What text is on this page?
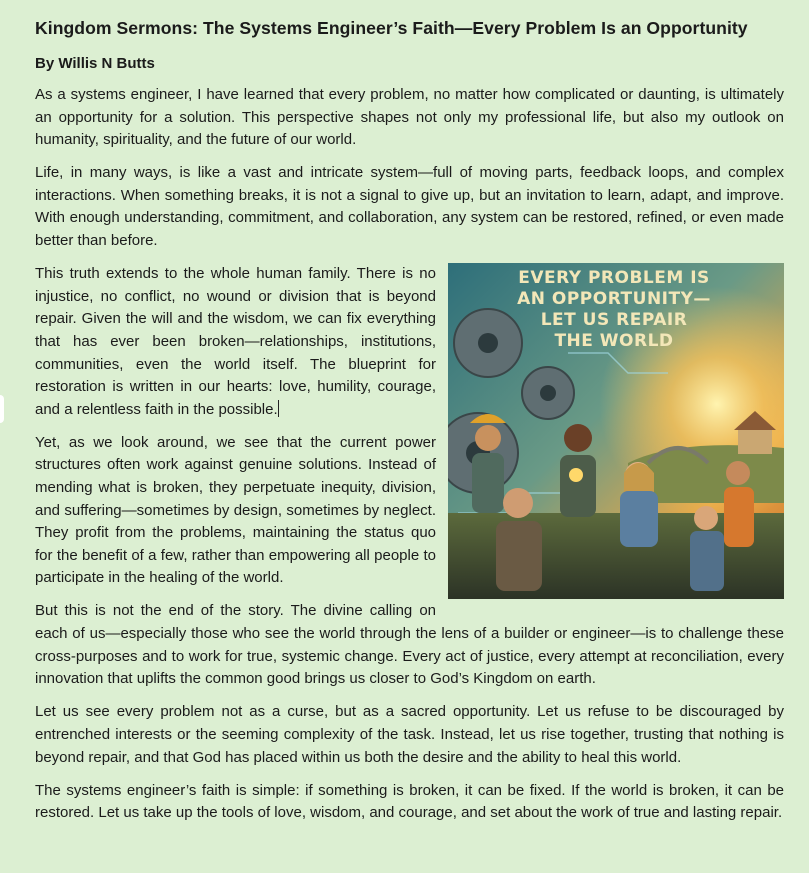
Kingdom Sermons: The Systems Engineer’s Faith—Every Problem Is an Opportunity
By Willis N Butts

As a systems engineer, I have learned that every problem, no matter how complicated or daunting, is ultimately an opportunity for a solution. This perspective shapes not only my professional life, but also my outlook on humanity, spirituality, and the future of our world.

Life, in many ways, is like a vast and intricate system—full of moving parts, feedback loops, and complex interactions. When something breaks, it is not a signal to give up, but an invitation to learn, adapt, and improve. With enough understanding, commitment, and collaboration, any system can be restored, refined, or even made better than before.

EVERY PROBLEM IS
AN OPPORTUNITY—
LET US REPAIR
THE WORLD

This truth extends to the whole human family. There is no injustice, no conflict, no wound or division that is beyond repair. Given the will and the wisdom, we can fix everything that has ever been broken—relationships, institutions, communities, even the world itself. The blueprint for restoration is written in our hearts: love, humility, courage, and a relentless faith in the possible.

Yet, as we look around, we see that the current power structures often work against genuine solutions. Instead of mending what is broken, they perpetuate inequity, division, and suffering—sometimes by design, sometimes by neglect. They profit from the problems, maintaining the status quo for the benefit of a few, rather than empowering all people to participate in the healing of the world.

But this is not the end of the story. The divine calling on each of us—especially those who see the world through the lens of a builder or engineer—is to challenge these cross-purposes and to work for true, systemic change. Every act of justice, every attempt at reconciliation, every innovation that uplifts the common good brings us closer to God’s Kingdom on earth.

Let us see every problem not as a curse, but as a sacred opportunity. Let us refuse to be discouraged by entrenched interests or the seeming complexity of the task. Instead, let us rise together, trusting that nothing is beyond repair, and that God has placed within us both the desire and the ability to heal this world.

The systems engineer’s faith is simple: if something is broken, it can be fixed. If the world is broken, it can be restored. Let us take up the tools of love, wisdom, and courage, and set about the work of true and lasting repair.
